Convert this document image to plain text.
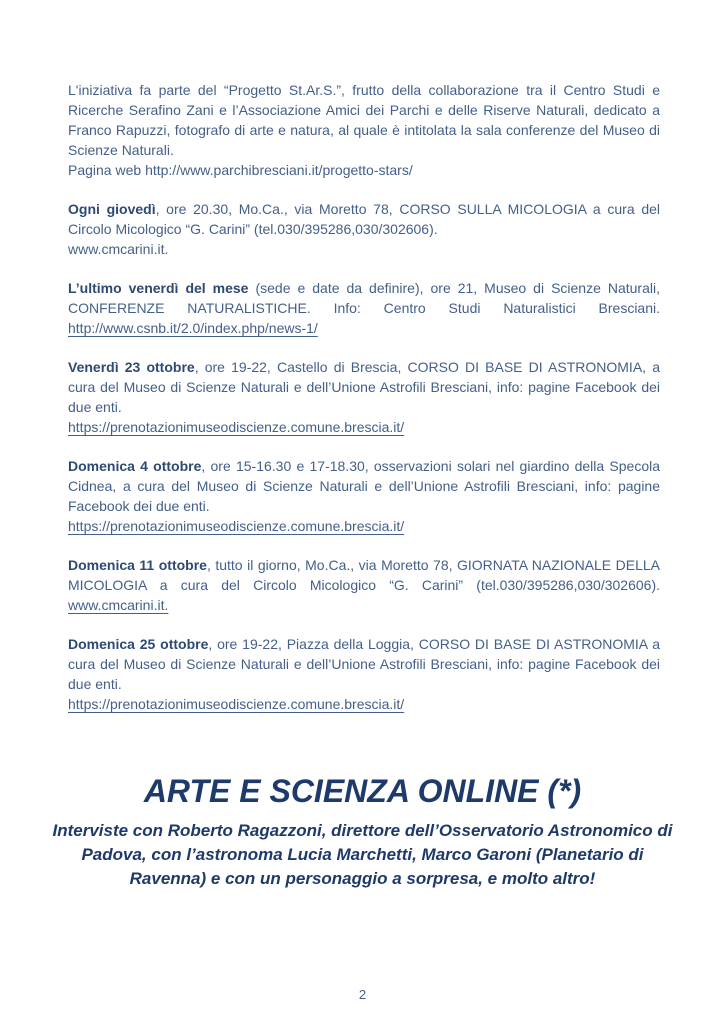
L'iniziativa fa parte del “Progetto St.Ar.S.”, frutto della collaborazione tra il Centro Studi e Ricerche Serafino Zani e l’Associazione Amici dei Parchi e delle Riserve Naturali, dedicato a Franco Rapuzzi, fotografo di arte e natura, al quale è intitolata la sala conferenze del Museo di Scienze Naturali.
Pagina web http://www.parchibresciani.it/progetto-stars/

Ogni giovedì, ore 20.30, Mo.Ca., via Moretto 78, CORSO SULLA MICOLOGIA a cura del Circolo Micologico “G. Carini” (tel.030/395286,030/302606).
www.cmcarini.it.

L’ultimo venerdì del mese (sede e date da definire), ore 21, Museo di Scienze Naturali, CONFERENZE NATURALISTICHE. Info: Centro Studi Naturalistici Bresciani. http://www.csnb.it/2.0/index.php/news-1/

Venerdì 23 ottobre, ore 19-22, Castello di Brescia, CORSO DI BASE DI ASTRONOMIA, a cura del Museo di Scienze Naturali e dell’Unione Astrofili Bresciani, info: pagine Facebook dei due enti.
https://prenotazionimuseodiscienze.comune.brescia.it/

Domenica 4 ottobre, ore 15-16.30 e 17-18.30, osservazioni solari nel giardino della Specola Cidnea, a cura del Museo di Scienze Naturali e dell’Unione Astrofili Bresciani, info: pagine Facebook dei due enti.
https://prenotazionimuseodiscienze.comune.brescia.it/

Domenica 11 ottobre, tutto il giorno, Mo.Ca., via Moretto 78, GIORNATA NAZIONALE DELLA MICOLOGIA a cura del Circolo Micologico “G. Carini” (tel.030/395286,030/302606). www.cmcarini.it.

Domenica 25 ottobre, ore 19-22, Piazza della Loggia, CORSO DI BASE DI ASTRONOMIA a cura del Museo di Scienze Naturali e dell’Unione Astrofili Bresciani, info: pagine Facebook dei due enti.
https://prenotazionimuseodiscienze.comune.brescia.it/

ARTE E SCIENZA ONLINE (*)

Interviste con Roberto Ragazzoni, direttore dell’Osservatorio Astronomico di Padova, con l’astronoma Lucia Marchetti, Marco Garoni (Planetario di Ravenna) e con un personaggio a sorpresa, e molto altro!

2
